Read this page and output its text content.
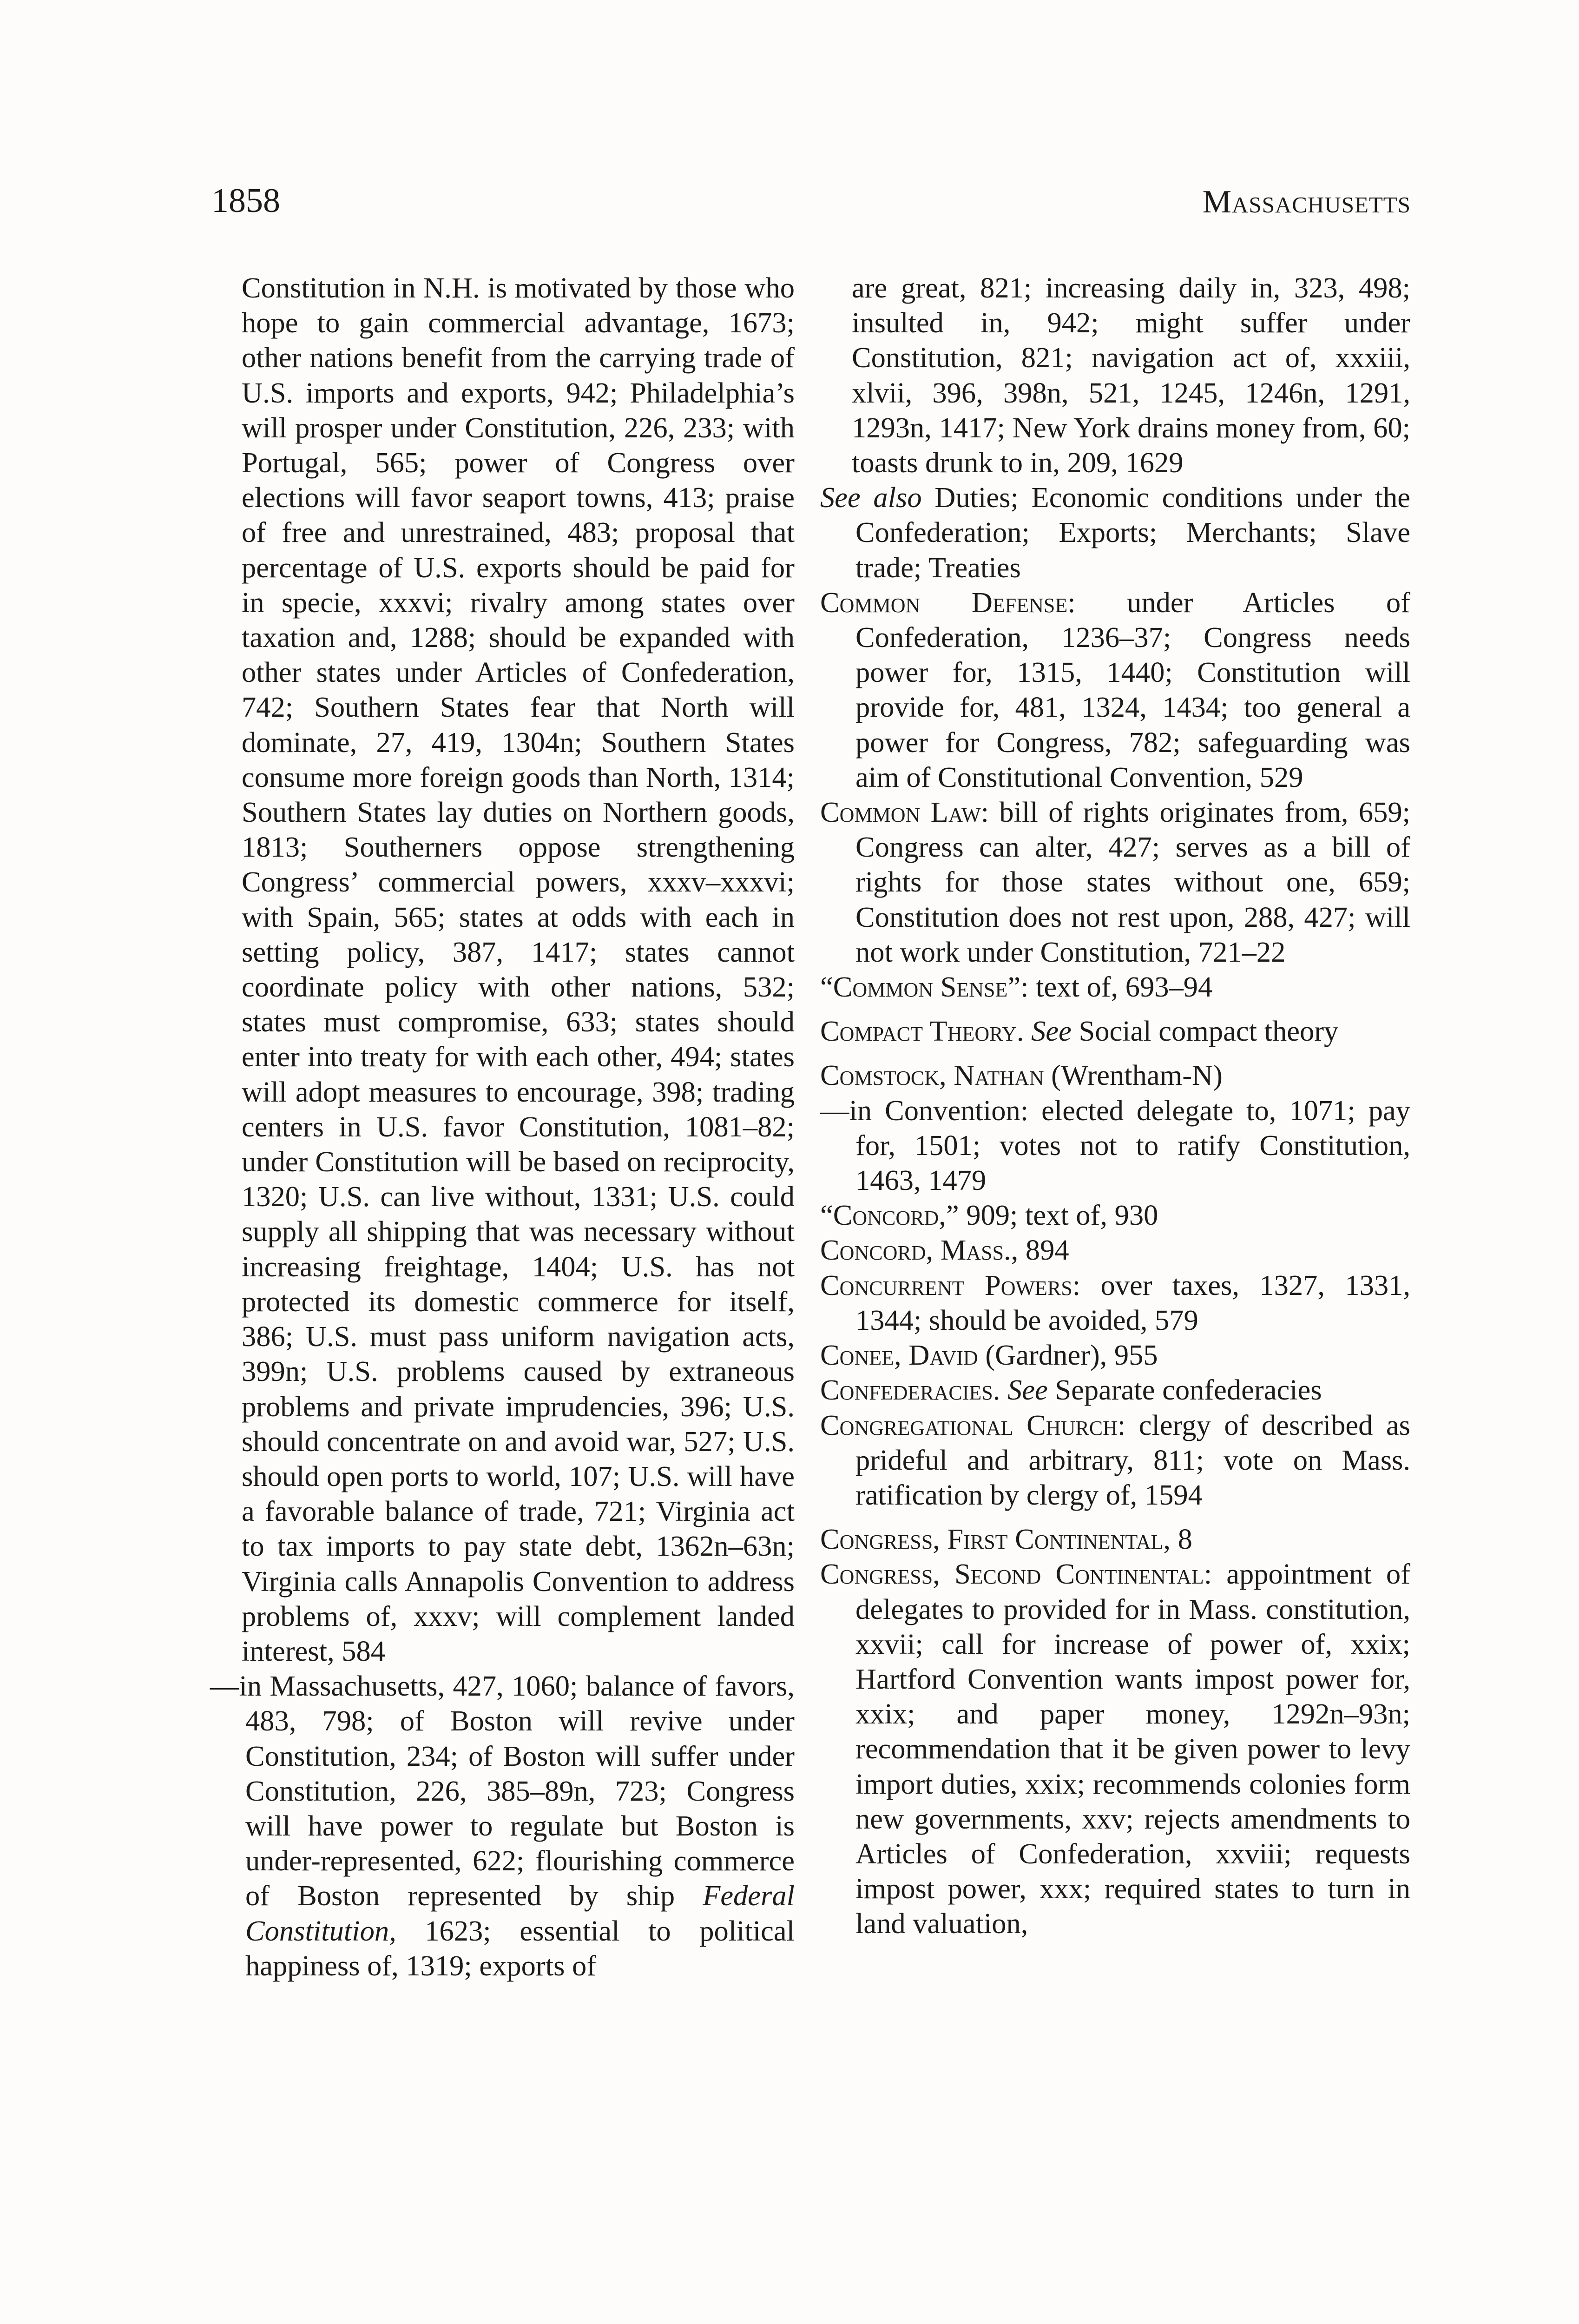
1858	Massachusetts

Constitution in N.H. is motivated by those who hope to gain commercial advantage, 1673; other nations benefit from the carrying trade of U.S. imports and exports, 942; Philadelphia’s will prosper under Constitution, 226, 233; with Portugal, 565; power of Congress over elections will favor seaport towns, 413; praise of free and unrestrained, 483; proposal that percentage of U.S. exports should be paid for in specie, xxxvi; rivalry among states over taxation and, 1288; should be expanded with other states under Articles of Confederation, 742; Southern States fear that North will dominate, 27, 419, 1304n; Southern States consume more foreign goods than North, 1314; Southern States lay duties on Northern goods, 1813; Southerners oppose strengthening Congress’ commercial powers, xxxv–xxxvi; with Spain, 565; states at odds with each in setting policy, 387, 1417; states cannot coordinate policy with other nations, 532; states must compromise, 633; states should enter into treaty for with each other, 494; states will adopt measures to encourage, 398; trading centers in U.S. favor Constitution, 1081–82; under Constitution will be based on reciprocity, 1320; U.S. can live without, 1331; U.S. could supply all shipping that was necessary without increasing freightage, 1404; U.S. has not protected its domestic commerce for itself, 386; U.S. must pass uniform navigation acts, 399n; U.S. problems caused by extraneous problems and private imprudencies, 396; U.S. should concentrate on and avoid war, 527; U.S. should open ports to world, 107; U.S. will have a favorable balance of trade, 721; Virginia act to tax imports to pay state debt, 1362n–63n; Virginia calls Annapolis Convention to address problems of, xxxv; will complement landed interest, 584

—in Massachusetts, 427, 1060; balance of favors, 483, 798; of Boston will revive under Constitution, 234; of Boston will suffer under Constitution, 226, 385–89n, 723; Congress will have power to regulate but Boston is under-represented, 622; flourishing commerce of Boston represented by ship Federal Constitution, 1623; essential to political happiness of, 1319; exports of

are great, 821; increasing daily in, 323, 498; insulted in, 942; might suffer under Constitution, 821; navigation act of, xxxiii, xlvii, 396, 398n, 521, 1245, 1246n, 1291, 1293n, 1417; New York drains money from, 60; toasts drunk to in, 209, 1629

See also Duties; Economic conditions under the Confederation; Exports; Merchants; Slave trade; Treaties

Common Defense: under Articles of Confederation, 1236–37; Congress needs power for, 1315, 1440; Constitution will provide for, 481, 1324, 1434; too general a power for Congress, 782; safeguarding was aim of Constitutional Convention, 529

Common Law: bill of rights originates from, 659; Congress can alter, 427; serves as a bill of rights for those states without one, 659; Constitution does not rest upon, 288, 427; will not work under Constitution, 721–22

“Common Sense”: text of, 693–94

Compact Theory. See Social compact theory

Comstock, Nathan (Wrentham-N)

—in Convention: elected delegate to, 1071; pay for, 1501; votes not to ratify Constitution, 1463, 1479

“Concord,” 909; text of, 930

Concord, Mass., 894

Concurrent Powers: over taxes, 1327, 1331, 1344; should be avoided, 579

Conee, David (Gardner), 955

Confederacies. See Separate confederacies

Congregational Church: clergy of described as prideful and arbitrary, 811; vote on Mass. ratification by clergy of, 1594

Congress, First Continental, 8

Congress, Second Continental: appointment of delegates to provided for in Mass. constitution, xxvii; call for increase of power of, xxix; Hartford Convention wants impost power for, xxix; and paper money, 1292n–93n; recommendation that it be given power to levy import duties, xxix; recommends colonies form new governments, xxv; rejects amendments to Articles of Confederation, xxviii; requests impost power, xxx; required states to turn in land valuation,
